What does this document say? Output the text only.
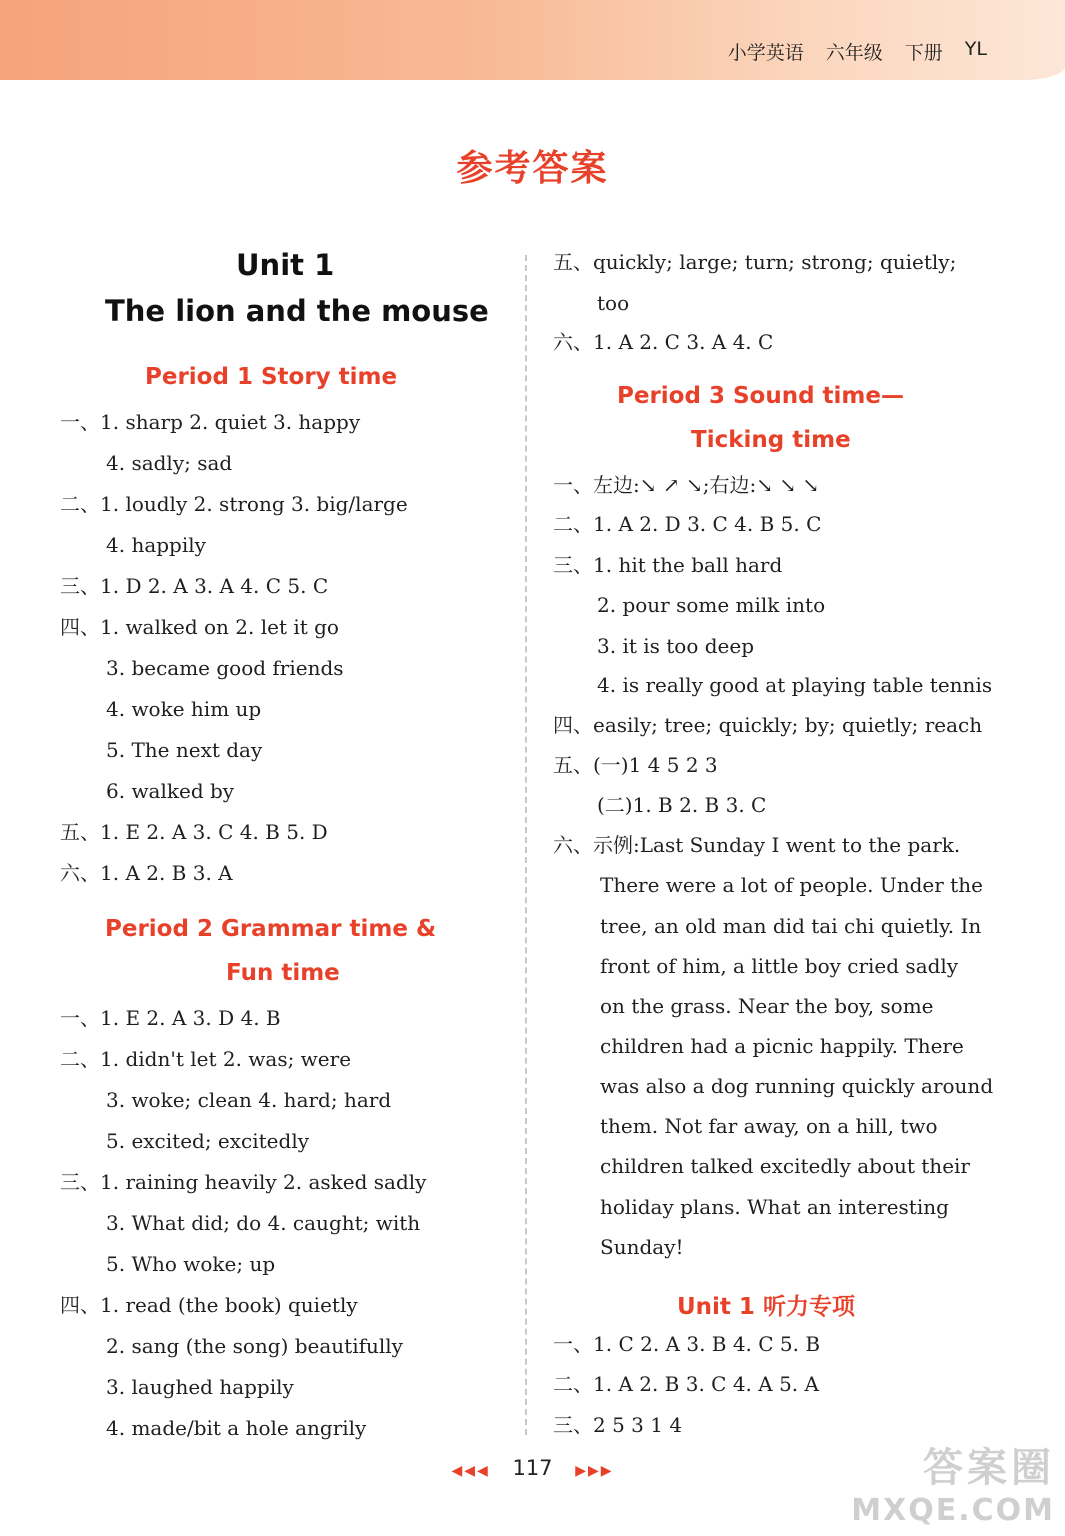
小学英语 六年级 下册 YL
参考答案
Unit 1
The lion and the mouse
Period 1 Story time
一、1. sharp 2. quiet 3. happy
4. sadly; sad
二、1. loudly 2. strong 3. big/large
4. happily
三、1. D 2. A 3. A 4. C 5. C
四、1. walked on 2. let it go
3. became good friends
4. woke him up
5. The next day
6. walked by
五、1. E 2. A 3. C 4. B 5. D
六、1. A 2. B 3. A
Period 2 Grammar time &
Fun time
一、1. E 2. A 3. D 4. B
二、1. didn't let 2. was; were
3. woke; clean 4. hard; hard
5. excited; excitedly
三、1. raining heavily 2. asked sadly
3. What did; do 4. caught; with
5. Who woke; up
四、1. read (the book) quietly
2. sang (the song) beautifully
3. laughed happily
4. made/bit a hole angrily
五、quickly; large; turn; strong; quietly;
too
六、1. A 2. C 3. A 4. C
Period 3 Sound time—
Ticking time
一、左边:↘ ↗ ↘;右边:↘ ↘ ↘
二、1. A 2. D 3. C 4. B 5. C
三、1. hit the ball hard
2. pour some milk into
3. it is too deep
4. is really good at playing table tennis
四、easily; tree; quickly; by; quietly; reach
五、(一)1 4 5 2 3
(二)1. B 2. B 3. C
六、示例:Last Sunday I went to the park.
There were a lot of people. Under the
tree, an old man did tai chi quietly. In
front of him, a little boy cried sadly
on the grass. Near the boy, some
children had a picnic happily. There
was also a dog running quickly around
them. Not far away, on a hill, two
children talked excitedly about their
holiday plans. What an interesting
Sunday!
Unit 1 听力专项
一、1. C 2. A 3. B 4. C 5. B
二、1. A 2. B 3. C 4. A 5. A
三、2 5 3 1 4
◀◀◀ 117 ▶▶▶	答案圈
MXQE.COM
